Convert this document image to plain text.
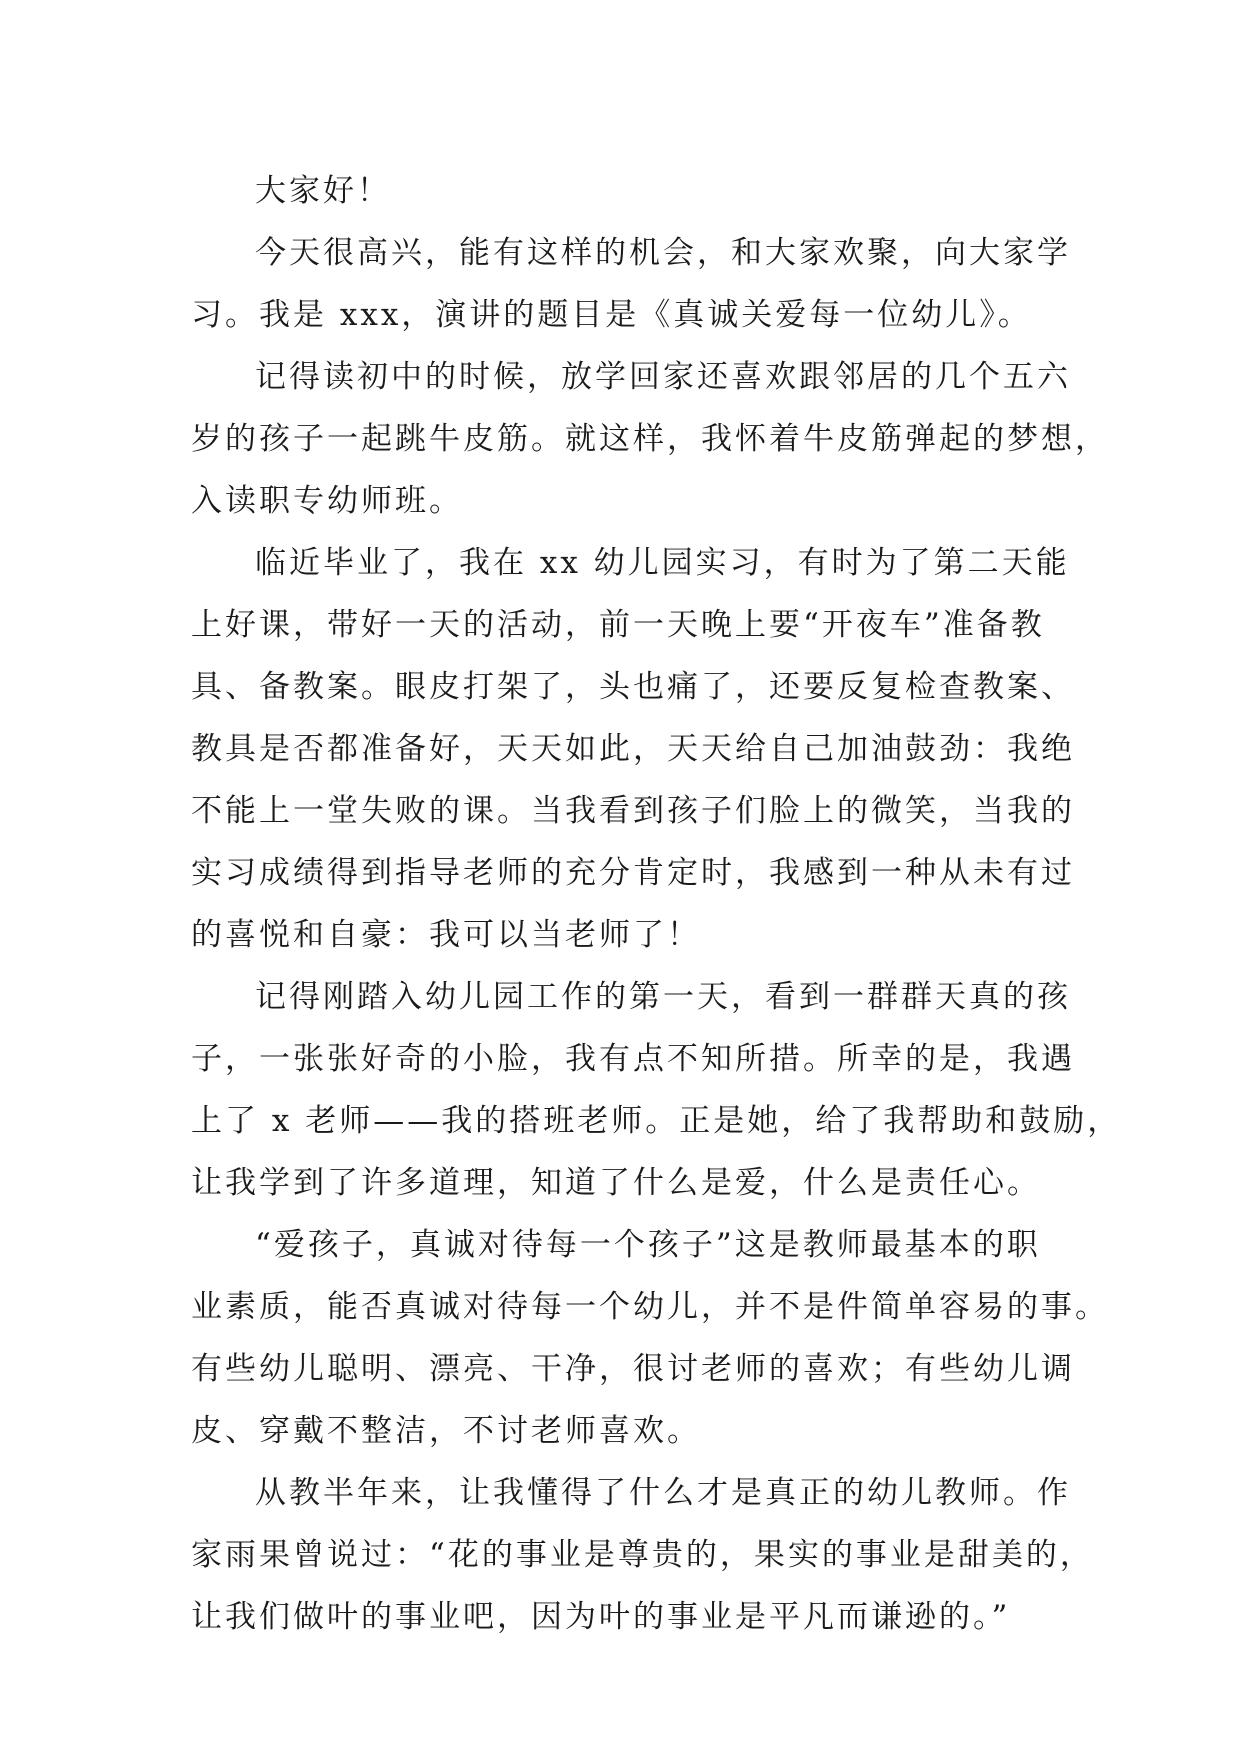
大家好！
今天很高兴，能有这样的机会，和大家欢聚，向大家学
习。我是 xxx，演讲的题目是《真诚关爱每一位幼儿》。
记得读初中的时候，放学回家还喜欢跟邻居的几个五六
岁的孩子一起跳牛皮筋。就这样，我怀着牛皮筋弹起的梦想，
入读职专幼师班。
临近毕业了，我在 xx 幼儿园实习，有时为了第二天能
上好课，带好一天的活动，前一天晚上要“开夜车”准备教
具、备教案。眼皮打架了，头也痛了，还要反复检查教案、
教具是否都准备好，天天如此，天天给自己加油鼓劲：我绝
不能上一堂失败的课。当我看到孩子们脸上的微笑，当我的
实习成绩得到指导老师的充分肯定时，我感到一种从未有过
的喜悦和自豪：我可以当老师了！
记得刚踏入幼儿园工作的第一天，看到一群群天真的孩
子，一张张好奇的小脸，我有点不知所措。所幸的是，我遇
上了 x 老师——我的搭班老师。正是她，给了我帮助和鼓励，
让我学到了许多道理，知道了什么是爱，什么是责任心。
“爱孩子，真诚对待每一个孩子”这是教师最基本的职
业素质，能否真诚对待每一个幼儿，并不是件简单容易的事。
有些幼儿聪明、漂亮、干净，很讨老师的喜欢；有些幼儿调
皮、穿戴不整洁，不讨老师喜欢。
从教半年来，让我懂得了什么才是真正的幼儿教师。作
家雨果曾说过：“花的事业是尊贵的，果实的事业是甜美的，
让我们做叶的事业吧，因为叶的事业是平凡而谦逊的。”
